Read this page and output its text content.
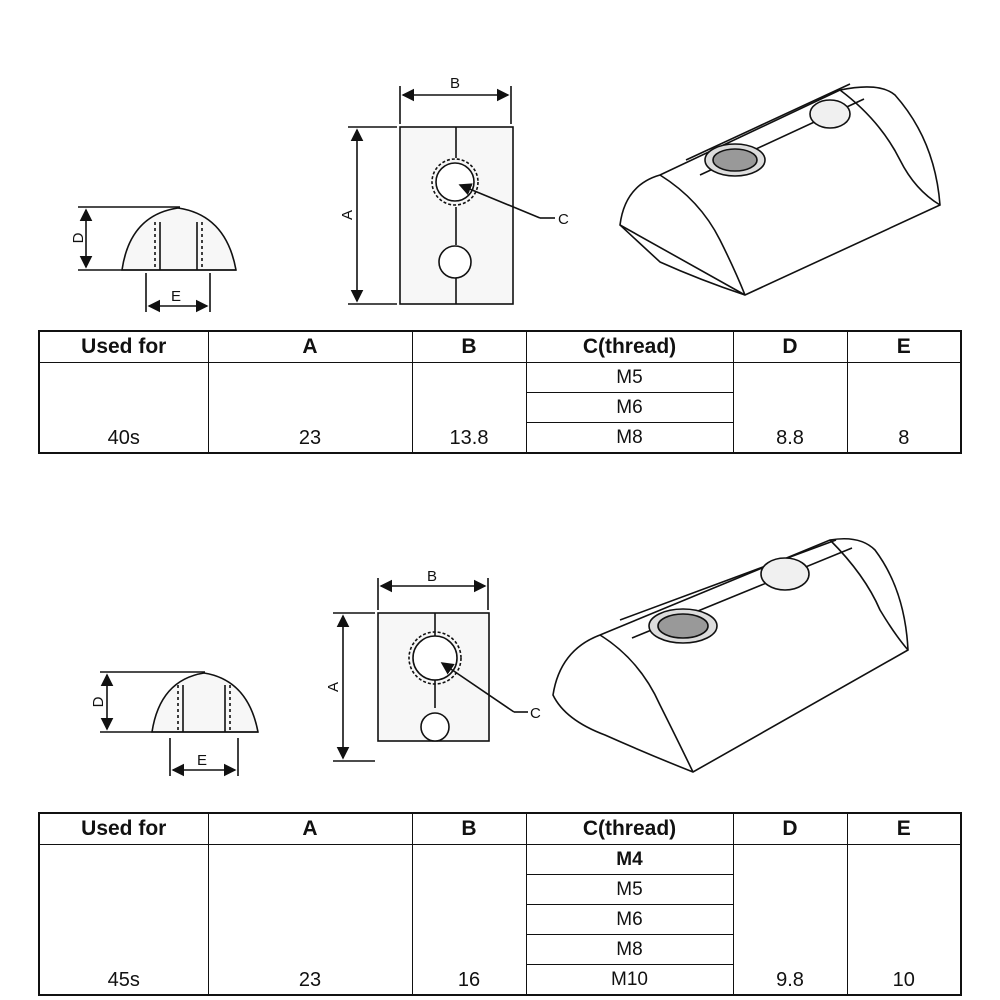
D
E
B
A	C
Used for	A	B	C(thread)	D	E
40s	23	13.8	M5
M6
M8	8.8	8
D
E
B
A
C
Used for	A	B	C(thread)	D	E
45s	23	16	M4
M5
M6
M8
M10	9.8	10
